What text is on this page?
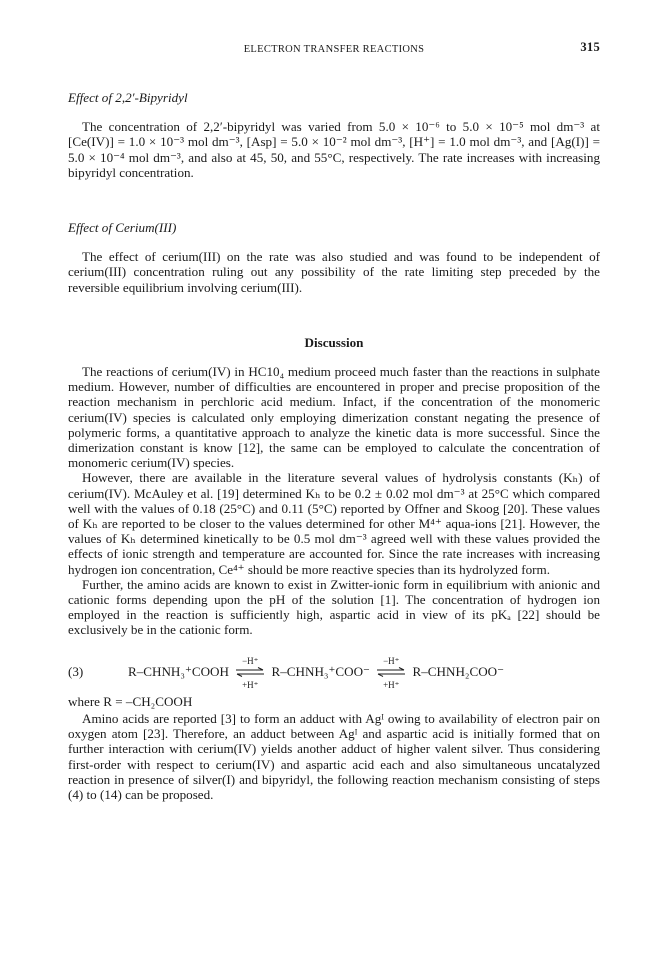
ELECTRON TRANSFER REACTIONS	315
Effect of 2,2′-Bipyridyl

The concentration of 2,2′-bipyridyl was varied from 5.0 × 10⁻⁶ to 5.0 × 10⁻⁵ mol dm⁻³ at [Ce(IV)] = 1.0 × 10⁻³ mol dm⁻³, [Asp] = 5.0 × 10⁻² mol dm⁻³, [H⁺] = 1.0 mol dm⁻³, and [Ag(I)] = 5.0 × 10⁻⁴ mol dm⁻³, and also at 45, 50, and 55°C, respectively. The rate increases with increasing bipyridyl concentration.

Effect of Cerium(III)

The effect of cerium(III) on the rate was also studied and was found to be independent of cerium(III) concentration ruling out any possibility of the rate limiting step preceded by the reversible equilibrium involving cerium(III).

Discussion

The reactions of cerium(IV) in HC10₄ medium proceed much faster than the reactions in sulphate medium. However, number of difficulties are encountered in proper and precise proposition of the reaction mechanism in perchloric acid medium. Infact, if the concentration of the monomeric cerium(IV) species is calculated only employing dimerization constant negating the presence of polymeric forms, a quantitative approach to analyze the kinetic data is more successful. Since the dimerization constant is know [12], the same can be employed to calculate the concentration of monomeric cerium(IV) species.

However, there are available in the literature several values of hydrolysis constants (Kₕ) of cerium(IV). McAuley et al. [19] determined Kₕ to be 0.2 ± 0.02 mol dm⁻³ at 25°C which compared well with the values of 0.18 (25°C) and 0.11 (5°C) reported by Offner and Skoog [20]. These values of Kₕ are reported to be closer to the values determined for other M⁴⁺ aqua-ions [21]. However, the values of Kₕ determined kinetically to be 0.5 mol dm⁻³ agreed well with these values provided the effects of ionic strength and temperature are accounted for. Since the rate increases with increasing hydrogen ion concentration, Ce⁴⁺ should be more reactive species than its hydrolyzed form.

Further, the amino acids are known to exist in Zwitter-ionic form in equilibrium with anionic and cationic forms depending upon the pH of the solution [1]. The concentration of hydrogen ion employed in the reaction is sufficiently high, aspartic acid in view of its pKₐ [22] should be exclusively be in the cationic form.

(3)	R–CHNH₃⁺COOH
−H⁺
+H⁺
R–CHNH₃⁺COO⁻
−H⁺
+H⁺
R–CHNH₂COO⁻

where R = –CH₂COOH

Amino acids are reported [3] to form an adduct with Agᴵ owing to availability of electron pair on oxygen atom [23]. Therefore, an adduct between Agᴵ and aspartic acid is initially formed that on further interaction with cerium(IV) yields another adduct of higher valent silver. Thus considering first-order with respect to cerium(IV) and aspartic acid each and also simultaneous uncatalyzed reaction in presence of silver(I) and bipyridyl, the following reaction mechanism consisting of steps (4) to (14) can be proposed.
